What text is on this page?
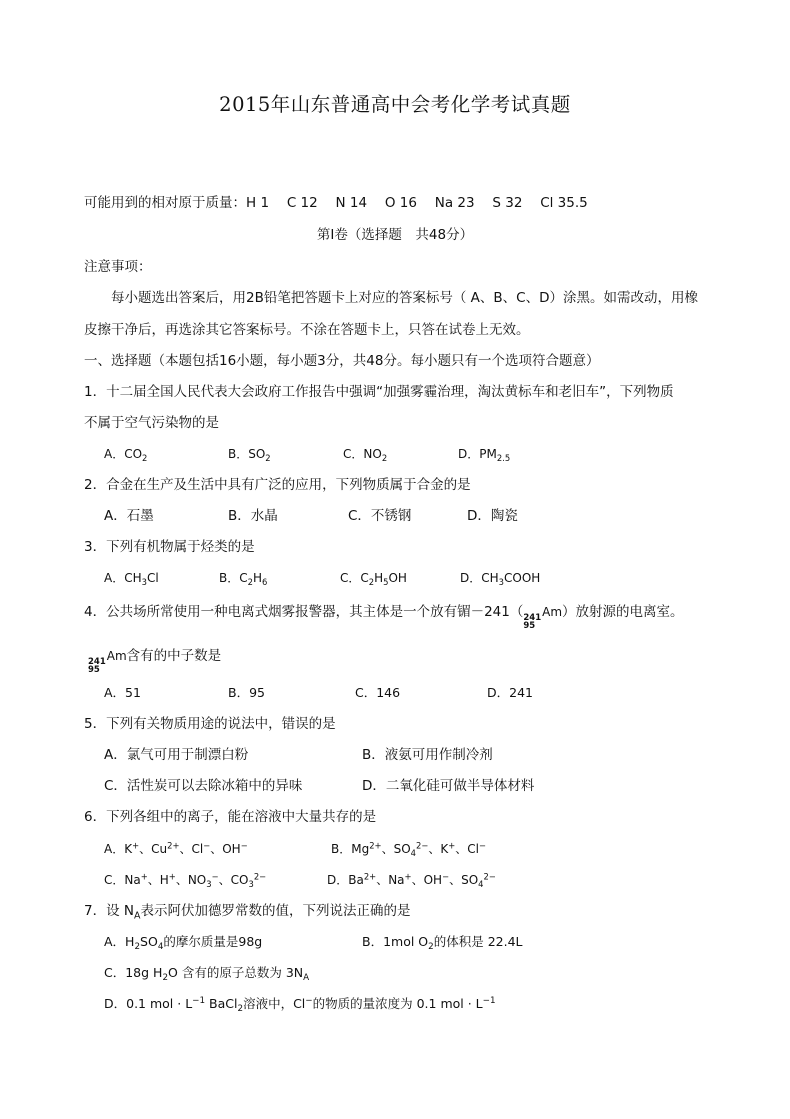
2015年山东普通高中会考化学考试真题
可能用到的相对原于质量：H 1　 C 12　 N 14　 O 16　 Na 23　 S 32　 Cl 35.5
第Ⅰ卷（选择题　共48分）
注意事项：
每小题选出答案后，用2B铅笔把答题卡上对应的答案标号（ A、B、C、D）涂黑。如需改动，用橡
皮擦干净后，再选涂其它答案标号。不涂在答题卡上，只答在试卷上无效。
一、选择题（本题包括16小题，每小题3分，共48分。每小题只有一个选项符合题意）
1．十二届全国人民代表大会政府工作报告中强调“加强雾霾治理，淘汰黄标车和老旧车”，下列物质
不属于空气污染物的是
A．$CO_2$	B．$SO_2$	C．$NO_2$	D．$PM_{2.5}$
2．合金在生产及生活中具有广泛的应用，下列物质属于合金的是
A．石墨	B．水晶	C．不锈钢	D．陶瓷
3．下列有机物属于烃类的是
A．$CH_3Cl$	B．$C_2H_6$	C．$C_2H_5OH$	D．$CH_3COOH$
4．公共场所常使用一种电离式烟雾报警器，其主体是一个放有镅－241（ 241
95
Am）放射源的电离室。
241
95
Am含有的中子数是
A．51	B．95	C．146	D．241
5．下列有关物质用途的说法中，错误的是
A．氯气可用于制漂白粉	B．液氨可用作制冷剂
C．活性炭可以去除冰箱中的异味	D．二氧化硅可做半导体材料
6．下列各组中的离子，能在溶液中大量共存的是
A．K+、$Cu^{2+}$、Cl−、OH−	B．$Mg^{2+}$、$SO_4^{2-}$、K+、Cl−
C．Na+、H+、$NO_3^-$、$CO_3^{2-}$	D．$Ba^{2+}$、Na+、OH−、$SO_4^{2-}$
7．设 $N_A$表示阿伏加德罗常数的值，下列说法正确的是
A．$H_2SO_4$的摩尔质量是98g	B．1mol $O_2$的体积是 22.4L
C．18g $H_2O$ 含有的原子总数为 $3N_A$
D．0.1 mol · $L^{-1}$ BaCl$_2$溶液中，Cl−的物质的量浓度为 0.1 mol · $L^{-1}$
